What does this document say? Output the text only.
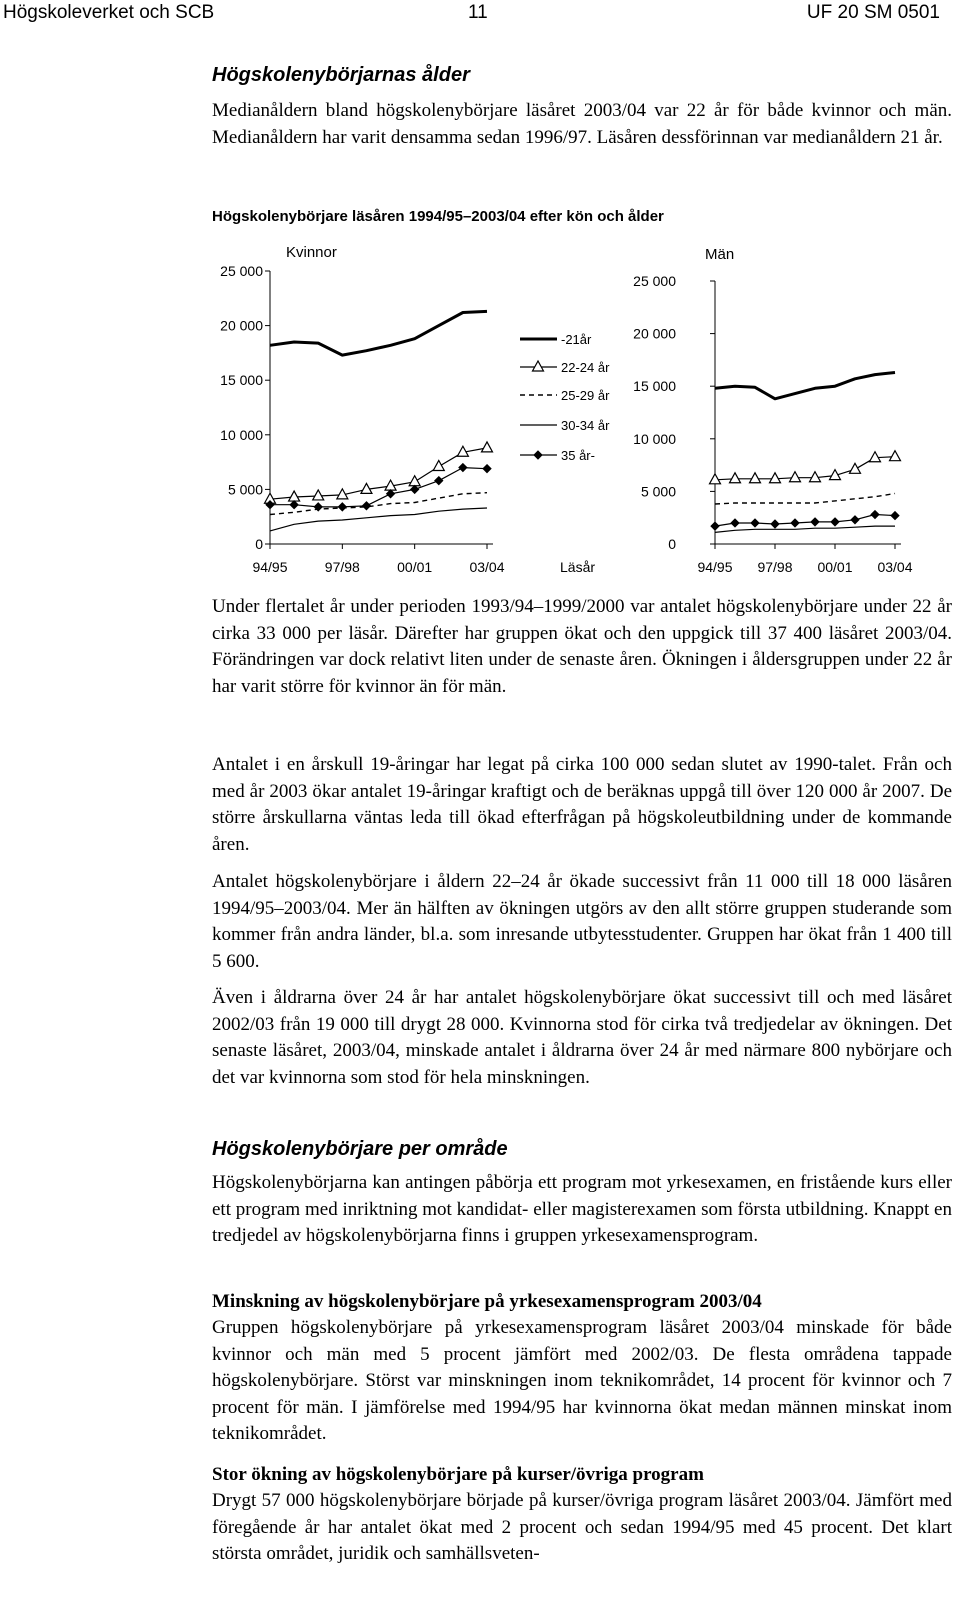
Högskoleverket och SCB	11	UF 20 SM 0501
Högskolenybörjarnas ålder

Medianåldern bland högskolenybörjare läsåret 2003/04 var 22 år för både kvinnor och män. Medianåldern har varit densamma sedan 1996/97. Läsåren dessförinnan var medianåldern 21 år.

Högskolenybörjare läsåren 1994/95–2003/04 efter kön och ålder
Kvinnor
0
5 000
10 000
15 000
20 000
25 000
94/95	97/98	00/01	03/04
Män
0
5 000
10 000
15 000
20 000
25 000
94/95 97/98 00/01 03/04
-21år
22-24 år
25-29 år
30-34 år
35 år-
Läsår

Under flertalet år under perioden 1993/94–1999/2000 var antalet högskolenybörjare under 22 år cirka 33 000 per läsår. Därefter har gruppen ökat och den uppgick till 37 400 läsåret 2003/04. Förändringen var dock relativt liten under de senaste åren. Ökningen i åldersgruppen under 22 år har varit större för kvinnor än för män.

Antalet i en årskull 19-åringar har legat på cirka 100 000 sedan slutet av 1990-talet. Från och med år 2003 ökar antalet 19-åringar kraftigt och de beräknas uppgå till över 120 000 år 2007. De större årskullarna väntas leda till ökad efterfrågan på högskoleutbildning under de kommande åren.

Antalet högskolenybörjare i åldern 22–24 år ökade successivt från 11 000 till 18 000 läsåren 1994/95–2003/04. Mer än hälften av ökningen utgörs av den allt större gruppen studerande som kommer från andra länder, bl.a. som inresande utbytesstudenter. Gruppen har ökat från 1 400 till 5 600.

Även i åldrarna över 24 år har antalet högskolenybörjare ökat successivt till och med läsåret 2002/03 från 19 000 till drygt 28 000. Kvinnorna stod för cirka två tredjedelar av ökningen. Det senaste läsåret, 2003/04, minskade antalet i åldrarna över 24 år med närmare 800 nybörjare och det var kvinnorna som stod för hela minskningen.

Högskolenybörjare per område

Högskolenybörjarna kan antingen påbörja ett program mot yrkesexamen, en fristående kurs eller ett program med inriktning mot kandidat- eller magisterexamen som första utbildning. Knappt en tredjedel av högskolenybörjarna finns i gruppen yrkesexamensprogram.

Minskning av högskolenybörjare på yrkesexamensprogram 2003/04

Gruppen högskolenybörjare på yrkesexamensprogram läsåret 2003/04 minskade för både kvinnor och män med 5 procent jämfört med 2002/03. De flesta områdena tappade högskolenybörjare. Störst var minskningen inom teknikområdet, 14 procent för kvinnor och 7 procent för män. I jämförelse med 1994/95 har kvinnorna ökat medan männen minskat inom teknikområdet.

Stor ökning av högskolenybörjare på kurser/övriga program

Drygt 57 000 högskolenybörjare började på kurser/övriga program läsåret 2003/04. Jämfört med föregående år har antalet ökat med 2 procent och sedan 1994/95 med 45 procent. Det klart största området, juridik och samhällsveten-
